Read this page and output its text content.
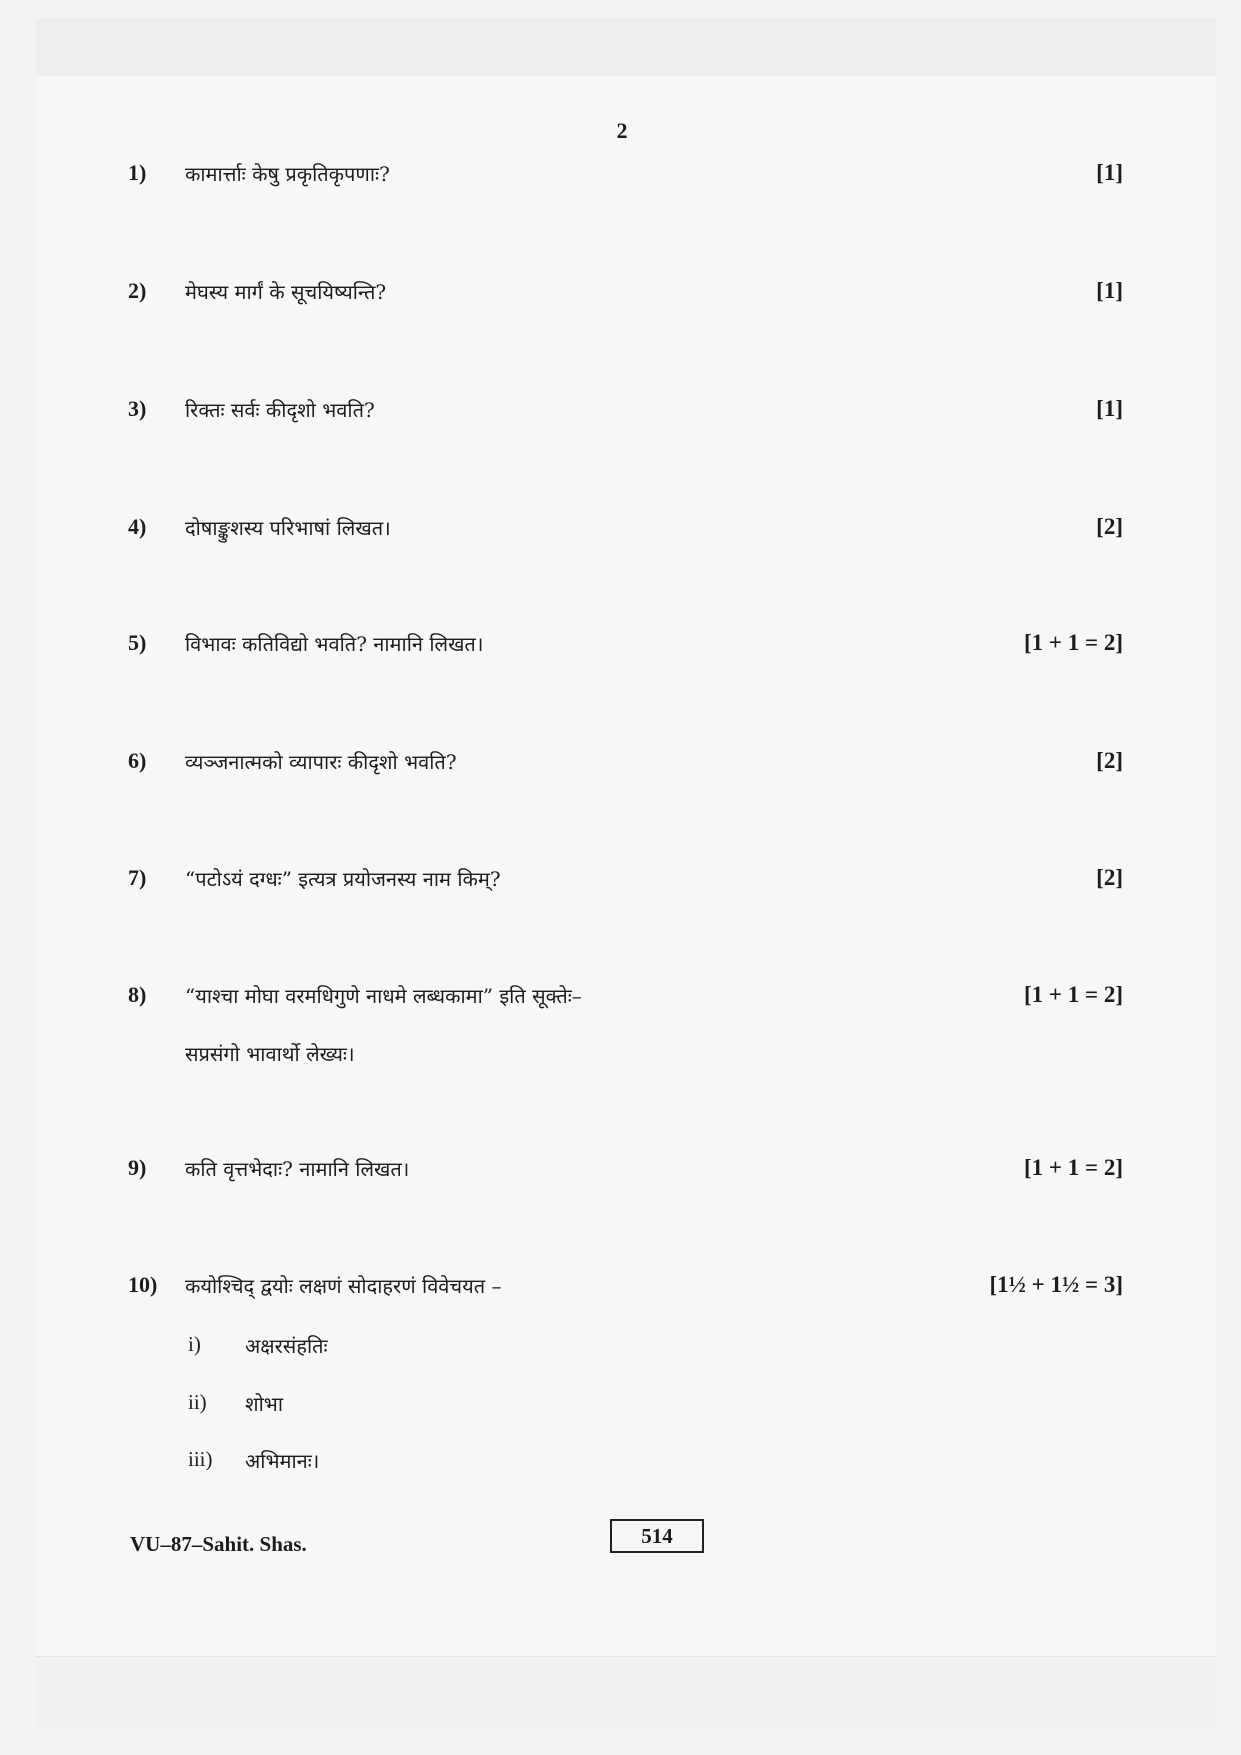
2
1) कामार्त्ताः केषु प्रकृतिकृपणाः?	[1]
2) मेघस्य मार्गं के सूचयिष्यन्ति?	[1]
3) रिक्तः सर्वः कीदृशो भवति?	[1]
4) दोषाङ्कुशस्य परिभाषां लिखत।	[2]
5) विभावः कतिविद्यो भवति? नामानि लिखत।	[1 + 1 = 2]
6) व्यञ्जनात्मको व्यापारः कीदृशो भवति?	[2]
7) “पटोऽयं दग्धः” इत्यत्र प्रयोजनस्य नाम किम्?	[2]
8) “याश्चा मोघा वरमधिगुणे नाधमे लब्धकामा” इति सूक्तेः–	[1 + 1 = 2]
सप्रसंगो भावार्थो लेख्यः।
9) कति वृत्तभेदाः? नामानि लिखत।	[1 + 1 = 2]
10) कयोश्चिद् द्वयोः लक्षणं सोदाहरणं विवेचयत –	[1½ + 1½ = 3]
i) अक्षरसंहतिः
ii) शोभा
iii) अभिमानः।
VU–87–Sahit. Shas.	514
